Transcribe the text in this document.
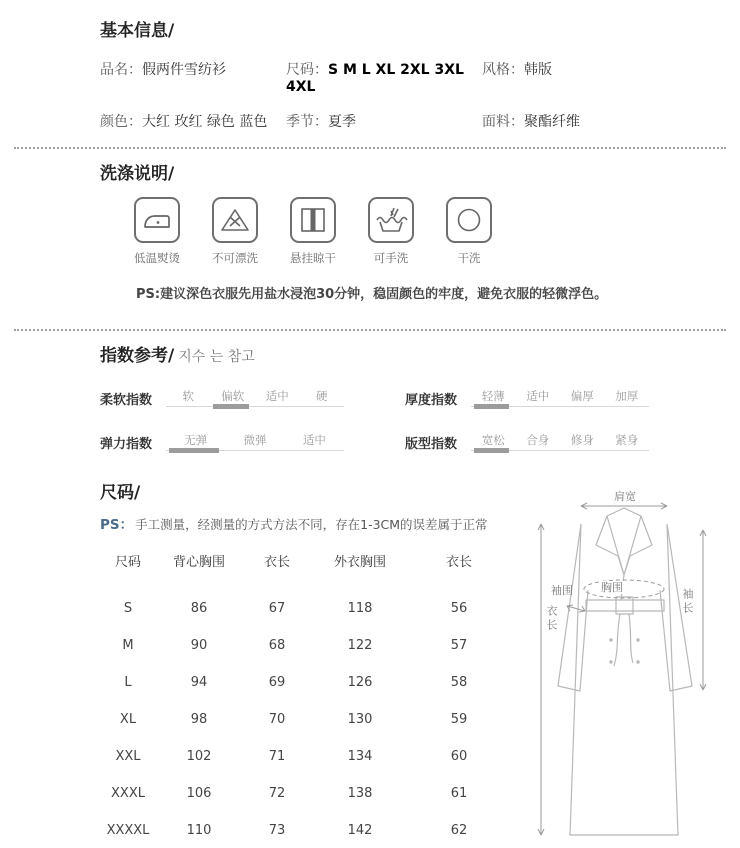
基本信息/
品名：假两件雪纺衫	尺码：S M L XL 2XL 3XL 4XL
风格：韩版
颜色：大红 玫红 绿色 蓝色	季节：夏季	面料：聚酯纤维
洗涤说明/
低温熨烫	不可漂洗	悬挂晾干	可手洗	干洗

PS:建议深色衣服先用盐水浸泡30分钟，稳固颜色的牢度，避免衣服的轻微浮色。

指数参考/ 지수 는 참고
柔软指数	软	偏软	适中	硬	厚度指数	轻薄	适中	偏厚	加厚
弹力指数	无弹	微弹	适中	版型指数	宽松	合身	修身	紧身
尺码/

PS： 手工测量，经测量的方式方法不同，存在1-3CM的误差属于正常

尺码	背心胸围	衣长	外衣胸围	衣长
S	86	67	118	56
M	90	68	122	57
L	94	69	126	58
XL	98	70	130	59
XXL	102	71	134	60
XXXL	106	72	138	61
XXXXL	110	73	142	62
肩宽
衣长
袖长
袖围	胸围
